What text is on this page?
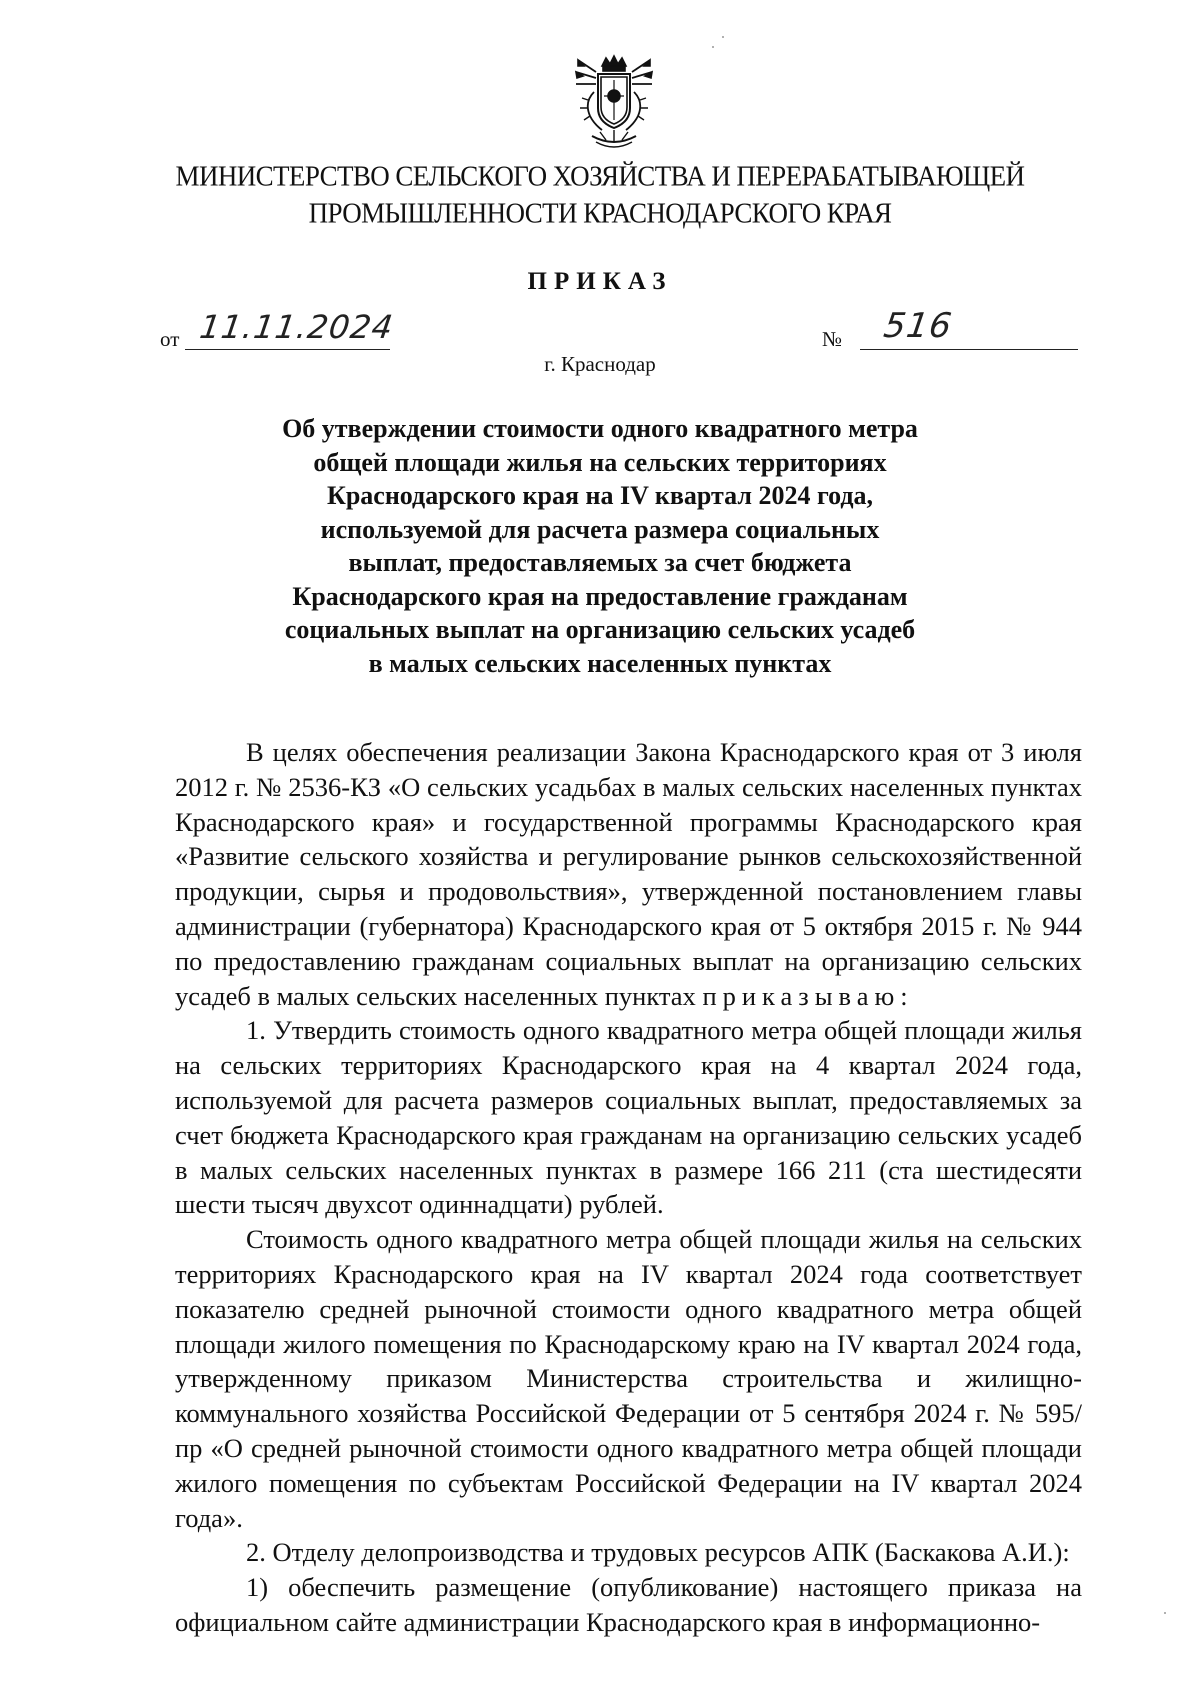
МИНИСТЕРСТВО СЕЛЬСКОГО ХОЗЯЙСТВА И ПЕРЕРАБАТЫВАЮЩЕЙ
ПРОМЫШЛЕННОСТИ КРАСНОДАРСКОГО КРАЯ
ПРИКАЗ
от 11.11.2024	№ 516
г. Краснодар
Об утверждении стоимости одного квадратного метра
общей площади жилья на сельских территориях
Краснодарского края на IV квартал 2024 года,
используемой для расчета размера социальных
выплат, предоставляемых за счет бюджета
Краснодарского края на предоставление гражданам
социальных выплат на организацию сельских усадеб
в малых сельских населенных пунктах

В целях обеспечения реализации Закона Краснодарского края от 3 июля 2012 г. № 2536-КЗ «О сельских усадьбах в малых сельских населенных пунктах Краснодарского края» и государственной программы Краснодарского края «Развитие сельского хозяйства и регулирование рынков сельскохозяйственной продукции, сырья и продовольствия», утвержденной постановлением главы администрации (губернатора) Краснодарского края от 5 октября 2015 г. № 944 по предоставлению гражданам социальных выплат на организацию сельских усадеб в малых сельских населенных пунктах приказываю:

1. Утвердить стоимость одного квадратного метра общей площади жилья на сельских территориях Краснодарского края на 4 квартал 2024 года, используемой для расчета размеров социальных выплат, предоставляемых за счет бюджета Краснодарского края гражданам на организацию сельских усадеб в малых сельских населенных пунктах в размере 166 211 (ста шестидесяти шести тысяч двухсот одиннадцати) рублей.

Стоимость одного квадратного метра общей площади жилья на сельских территориях Краснодарского края на IV квартал 2024 года соответствует показателю средней рыночной стоимости одного квадратного метра общей площади жилого помещения по Краснодарскому краю на IV квартал 2024 года, утвержденному приказом Министерства строительства и жилищно-коммунального хозяйства Российской Федерации от 5 сентября 2024 г. № 595/пр «О средней рыночной стоимости одного квадратного метра общей площади жилого помещения по субъектам Российской Федерации на IV квартал 2024 года».

2. Отделу делопроизводства и трудовых ресурсов АПК (Баскакова А.И.):

1) обеспечить размещение (опубликование) настоящего приказа на официальном сайте администрации Краснодарского края в информационно-
